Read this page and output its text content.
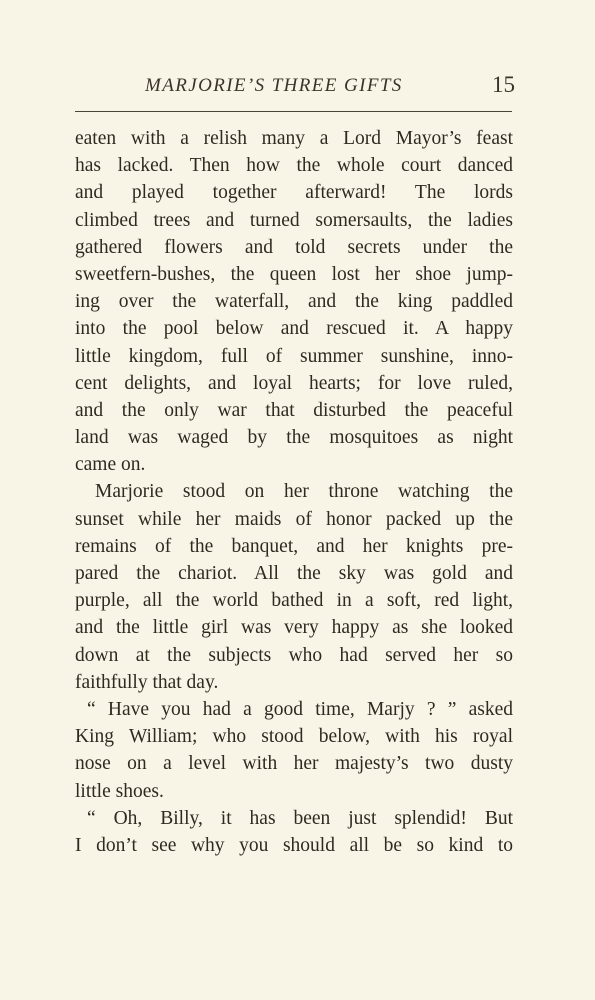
MARJORIE’S THREE GIFTS	15
eaten with a relish many a Lord Mayor’s feast
has lacked. Then how the whole court danced
and played together afterward! The lords
climbed trees and turned somersaults, the ladies
gathered flowers and told secrets under the
sweetfern-bushes, the queen lost her shoe jump-
ing over the waterfall, and the king paddled
into the pool below and rescued it. A happy
little kingdom, full of summer sunshine, inno-
cent delights, and loyal hearts; for love ruled,
and the only war that disturbed the peaceful
land was waged by the mosquitoes as night
came on.
Marjorie stood on her throne watching the
sunset while her maids of honor packed up the
remains of the banquet, and her knights pre-
pared the chariot. All the sky was gold and
purple, all the world bathed in a soft, red light,
and the little girl was very happy as she looked
down at the subjects who had served her so
faithfully that day.
“ Have you had a good time, Marjy ? ” asked
King William; who stood below, with his royal
nose on a level with her majesty’s two dusty
little shoes.
“ Oh, Billy, it has been just splendid! But
I don’t see why you should all be so kind to
